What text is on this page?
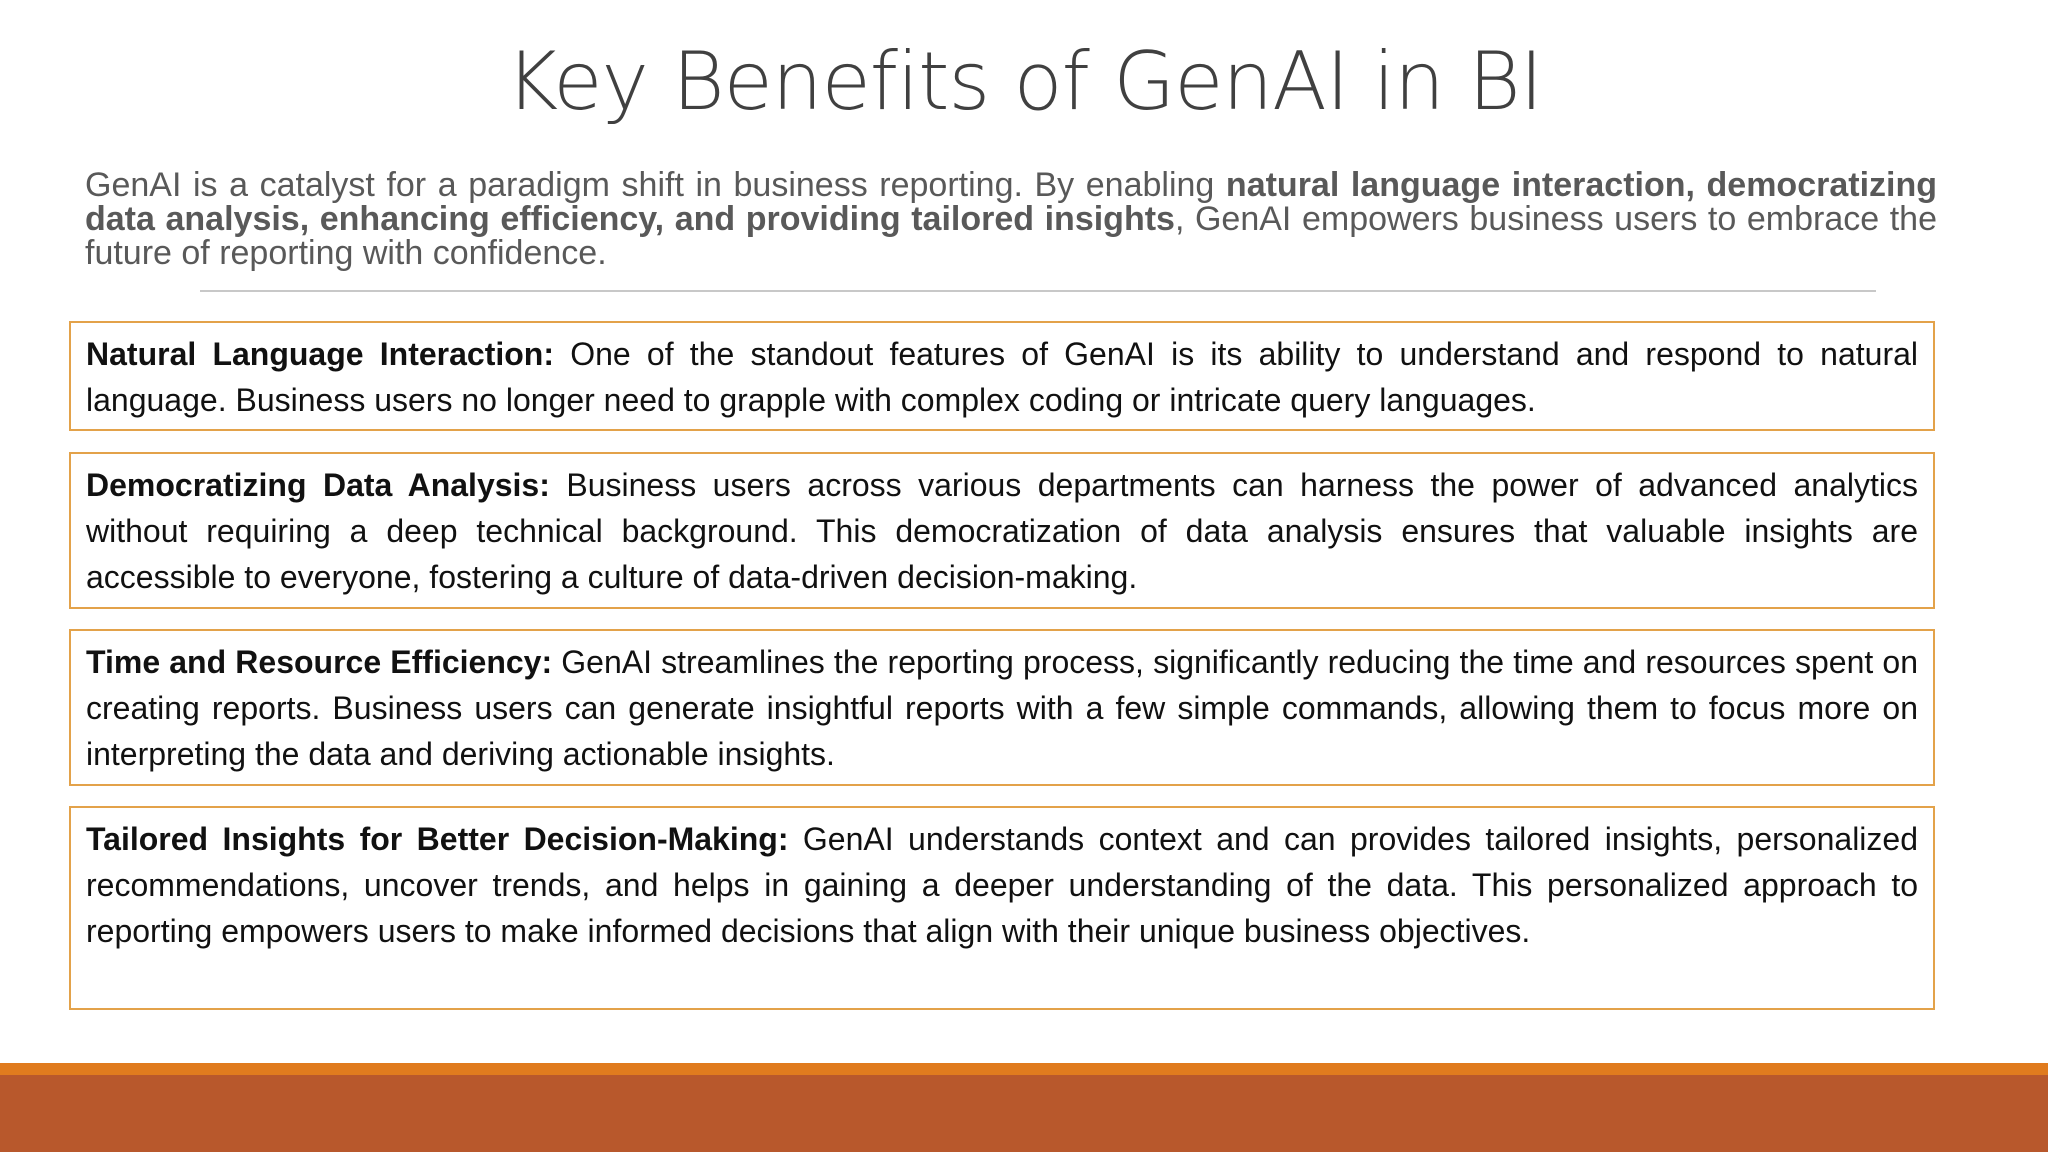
Key Benefits of GenAI in BI

GenAI is a catalyst for a paradigm shift in business reporting. By enabling natural language interaction, democratizing data analysis, enhancing efficiency, and providing tailored insights, GenAI empowers business users to embrace the future of reporting with confidence.

Natural Language Interaction: One of the standout features of GenAI is its ability to understand and respond to natural language. Business users no longer need to grapple with complex coding or intricate query languages.
Democratizing Data Analysis: Business users across various departments can harness the power of advanced analytics without requiring a deep technical background. This democratization of data analysis ensures that valuable insights are accessible to everyone, fostering a culture of data-driven decision-making.
Time and Resource Efficiency: GenAI streamlines the reporting process, significantly reducing the time and resources spent on creating reports. Business users can generate insightful reports with a few simple commands, allowing them to focus more on interpreting the data and deriving actionable insights.
Tailored Insights for Better Decision-Making: GenAI understands context and can provides tailored insights, personalized recommendations, uncover trends, and helps in gaining a deeper understanding of the data. This personalized approach to reporting empowers users to make informed decisions that align with their unique business objectives.
